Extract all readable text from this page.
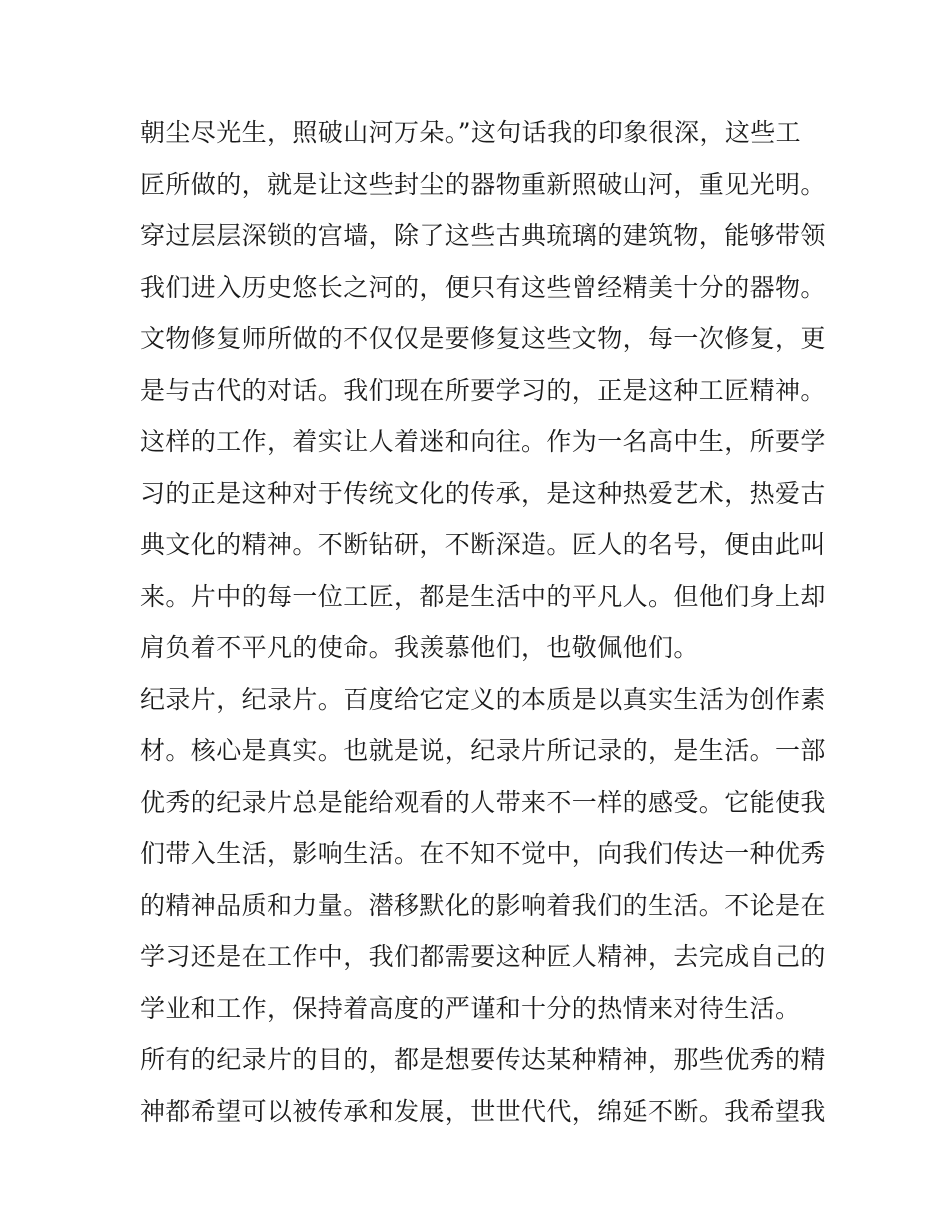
朝尘尽光生，照破山河万朵。”这句话我的印象很深，这些工
匠所做的，就是让这些封尘的器物重新照破山河，重见光明。
穿过层层深锁的宫墙，除了这些古典琉璃的建筑物，能够带领
我们进入历史悠长之河的，便只有这些曾经精美十分的器物。
文物修复师所做的不仅仅是要修复这些文物，每一次修复，更
是与古代的对话。我们现在所要学习的，正是这种工匠精神。
这样的工作，着实让人着迷和向往。作为一名高中生，所要学
习的正是这种对于传统文化的传承，是这种热爱艺术，热爱古
典文化的精神。不断钻研，不断深造。匠人的名号，便由此叫
来。片中的每一位工匠，都是生活中的平凡人。但他们身上却
肩负着不平凡的使命。我羡慕他们，也敬佩他们。
纪录片，纪录片。百度给它定义的本质是以真实生活为创作素
材。核心是真实。也就是说，纪录片所记录的，是生活。一部
优秀的纪录片总是能给观看的人带来不一样的感受。它能使我
们带入生活，影响生活。在不知不觉中，向我们传达一种优秀
的精神品质和力量。潜移默化的影响着我们的生活。不论是在
学习还是在工作中，我们都需要这种匠人精神，去完成自己的
学业和工作，保持着高度的严谨和十分的热情来对待生活。
所有的纪录片的目的，都是想要传达某种精神，那些优秀的精
神都希望可以被传承和发展，世世代代，绵延不断。我希望我
